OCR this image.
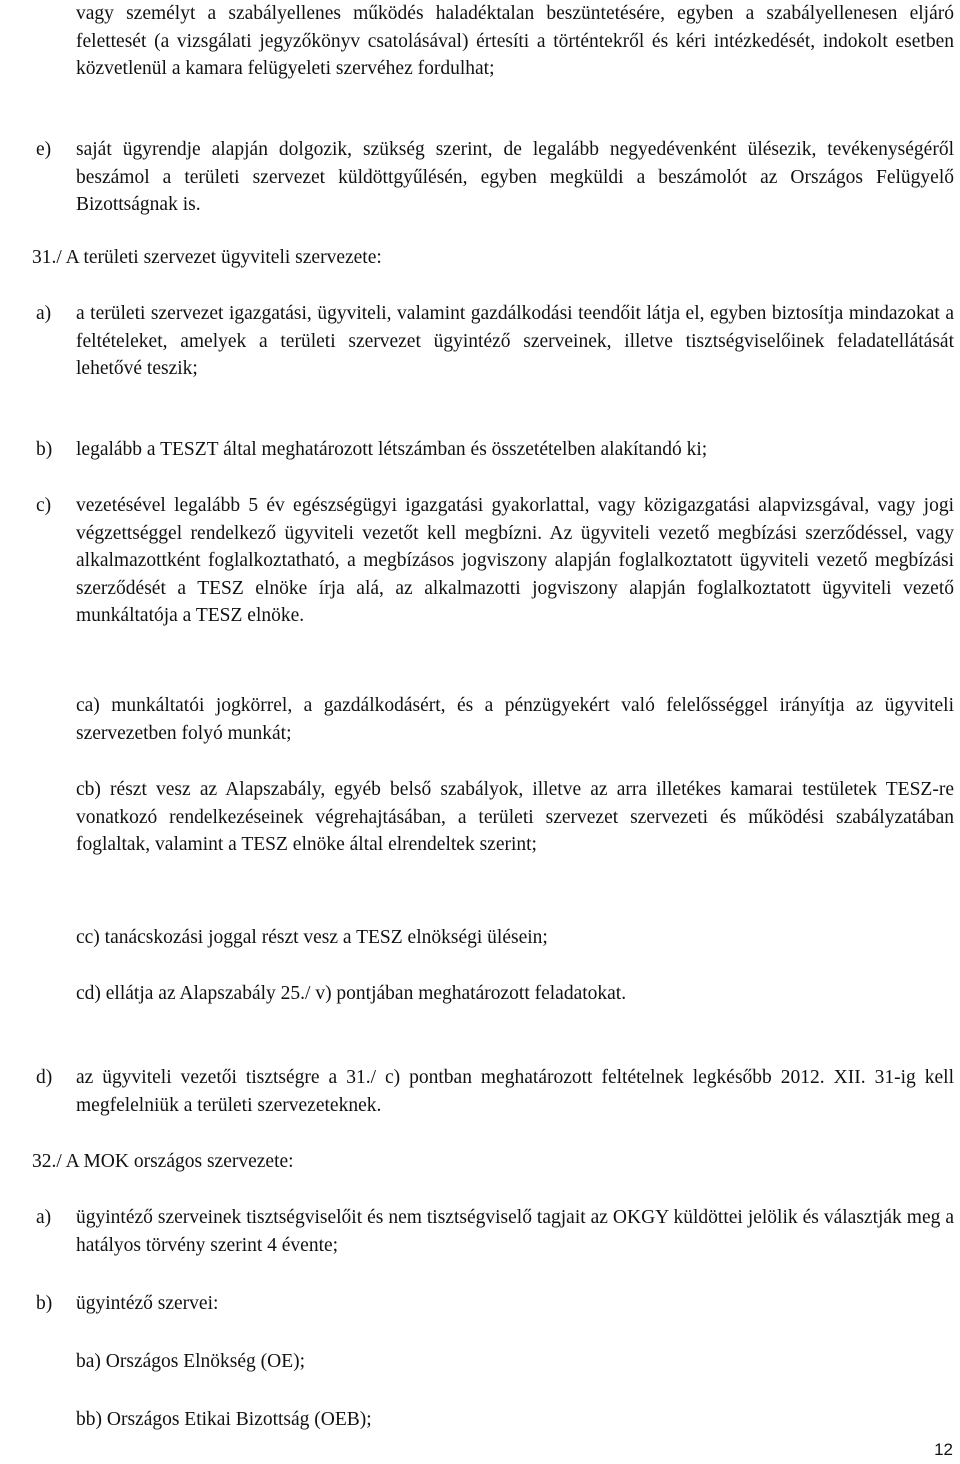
vagy személyt a szabályellenes működés haladéktalan beszüntetésére, egyben a szabályellenesen eljáró felettesét (a vizsgálati jegyzőkönyv csatolásával) értesíti a történtekről és kéri intézkedését, indokolt esetben közvetlenül a kamara felügyeleti szervéhez fordulhat;
e) saját ügyrendje alapján dolgozik, szükség szerint, de legalább negyedévenként ülésezik, tevékenységéről beszámol a területi szervezet küldöttgyűlésén, egyben megküldi a beszámolót az Országos Felügyelő Bizottságnak is.
31./ A területi szervezet ügyviteli szervezete:
a) a területi szervezet igazgatási, ügyviteli, valamint gazdálkodási teendőit látja el, egyben biztosítja mindazokat a feltételeket, amelyek a területi szervezet ügyintéző szerveinek, illetve tisztségviselőinek feladatellátását lehetővé teszik;
b) legalább a TESZT által meghatározott létszámban és összetételben alakítandó ki;
c) vezetésével legalább 5 év egészségügyi igazgatási gyakorlattal, vagy közigazgatási alapvizsgával, vagy jogi végzettséggel rendelkező ügyviteli vezetőt kell megbízni. Az ügyviteli vezető megbízási szerződéssel, vagy alkalmazottként foglalkoztatható, a megbízásos jogviszony alapján foglalkoztatott ügyviteli vezető megbízási szerződését a TESZ elnöke írja alá, az alkalmazotti jogviszony alapján foglalkoztatott ügyviteli vezető munkáltatója a TESZ elnöke.
ca) munkáltatói jogkörrel, a gazdálkodásért, és a pénzügyekért való felelősséggel irányítja az ügyviteli szervezetben folyó munkát;
cb) részt vesz az Alapszabály, egyéb belső szabályok, illetve az arra illetékes kamarai testületek TESZ-re vonatkozó rendelkezéseinek végrehajtásában, a területi szervezet szervezeti és működési szabályzatában foglaltak, valamint a TESZ elnöke által elrendeltek szerint;
cc) tanácskozási joggal részt vesz a TESZ elnökségi ülésein;
cd) ellátja az Alapszabály 25./ v) pontjában meghatározott feladatokat.
d) az ügyviteli vezetői tisztségre a 31./ c) pontban meghatározott feltételnek legkésőbb 2012. XII. 31-ig kell megfelelniük a területi szervezeteknek.
32./ A MOK országos szervezete:
a) ügyintéző szerveinek tisztségviselőit és nem tisztségviselő tagjait az OKGY küldöttei jelölik és választják meg a hatályos törvény szerint 4 évente;
b) ügyintéző szervei:
ba) Országos Elnökség (OE);
bb) Országos Etikai Bizottság (OEB);
12
